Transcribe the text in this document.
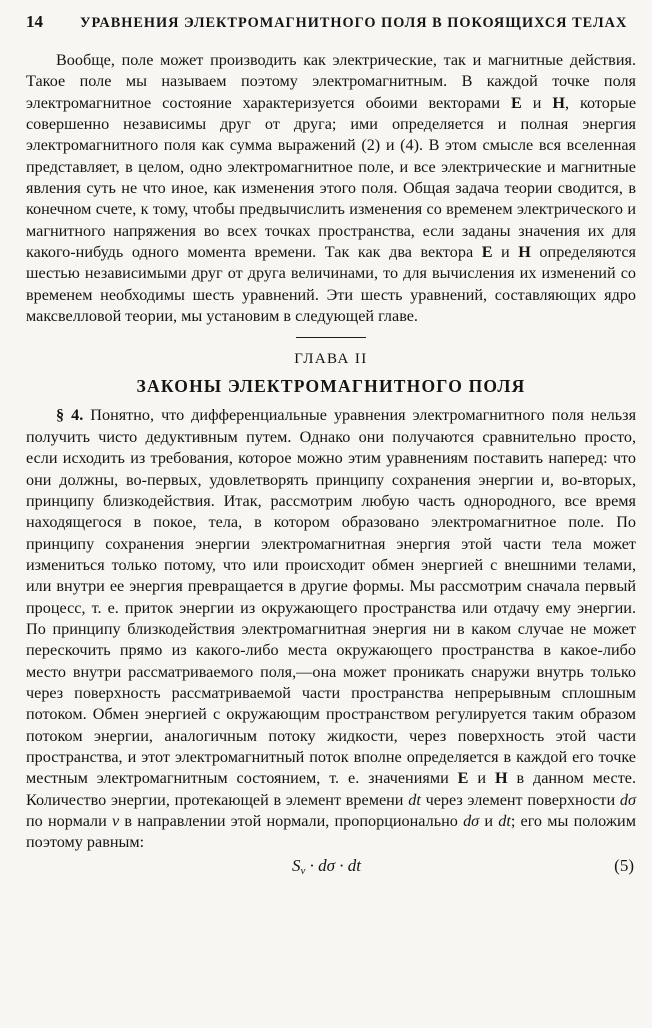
14	УРАВНЕНИЯ ЭЛЕКТРОМАГНИТНОГО ПОЛЯ В ПОКОЯЩИХСЯ ТЕЛАХ

Вообще, поле может производить как электрические, так и магнитные действия. Такое поле мы называем поэтому электромагнитным. В каждой точке поля электромагнитное состояние характеризуется обоими векторами E и H, которые совершенно независимы друг от друга; ими определяется и полная энергия электромагнитного поля как сумма выражений (2) и (4). В этом смысле вся вселенная представляет, в целом, одно электромагнитное поле, и все электрические и магнитные явления суть не что иное, как изменения этого поля. Общая задача теории сводится, в конечном счете, к тому, чтобы предвычислить изменения со временем электрического и магнитного напряжения во всех точках пространства, если заданы значения их для какого-нибудь одного момента времени. Так как два вектора E и H определяются шестью независимыми друг от друга величинами, то для вычисления их изменений со временем необходимы шесть уравнений. Эти шесть уравнений, составляющих ядро максвелловой теории, мы установим в следующей главе.

ГЛАВА II
ЗАКОНЫ ЭЛЕКТРОМАГНИТНОГО ПОЛЯ

§ 4. Понятно, что дифференциальные уравнения электромагнитного поля нельзя получить чисто дедуктивным путем. Однако они получаются сравнительно просто, если исходить из требования, которое можно этим уравнениям поставить наперед: что они должны, во-первых, удовлетворять принципу сохранения энергии и, во-вторых, принципу близкодействия. Итак, рассмотрим любую часть однородного, все время находящегося в покое, тела, в котором образовано электромагнитное поле. По принципу сохранения энергии электромагнитная энергия этой части тела может измениться только потому, что или происходит обмен энергией с внешними телами, или внутри ее энергия превращается в другие формы. Мы рассмотрим сначала первый процесс, т. е. приток энергии из окружающего пространства или отдачу ему энергии. По принципу близкодействия электромагнитная энергия ни в каком случае не может перескочить прямо из какого-либо места окружающего пространства в какое-либо место внутри рассматриваемого поля,—она может проникать снаружи внутрь только через поверхность рассматриваемой части пространства непрерывным сплошным потоком. Обмен энергией с окружающим пространством регулируется таким образом потоком энергии, аналогичным потоку жидкости, через поверхность этой части пространства, и этот электромагнитный поток вполне определяется в каждой его точке местным электромагнитным состоянием, т. е. значениями E и H в данном месте. Количество энергии, протекающей в элемент времени dt через элемент поверхности dσ по нормали ν в направлении этой нормали, пропорционально dσ и dt; его мы положим поэтому равным:

$S_\nu \cdot d\sigma$ · dt	(5)
